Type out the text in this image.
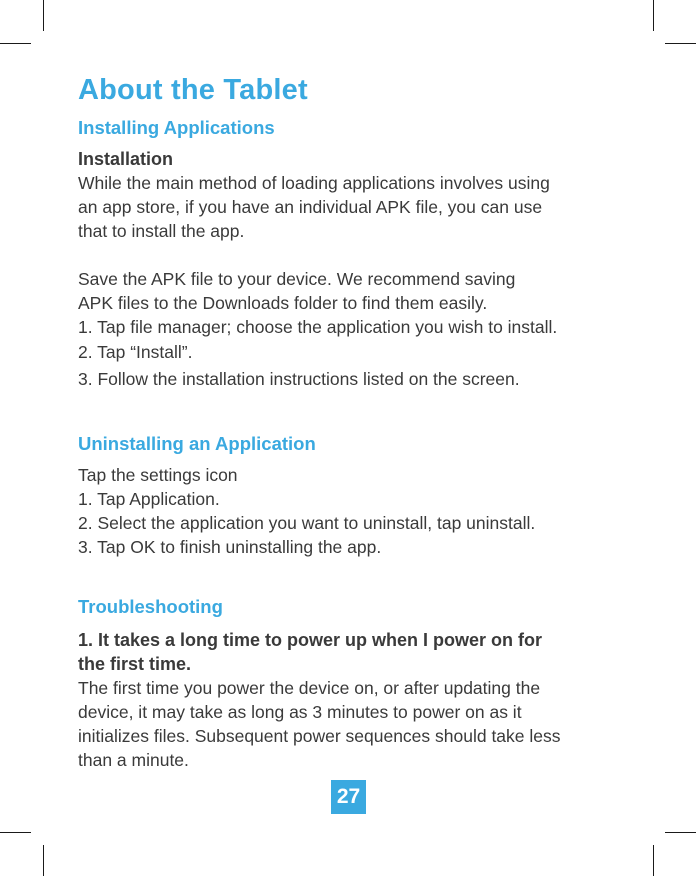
About the Tablet
Installing Applications
Installation

While the main method of loading applications involves using
an app store, if you have an individual APK file, you can use
that to install the app.

Save the APK file to your device. We recommend saving
APK files to the Downloads folder to find them easily.

1. Tap file manager; choose the application you wish to install.
2. Tap “Install”.
3. Follow the installation instructions listed on the screen.
Uninstalling an Application

Tap the settings icon

1. Tap Application.
2. Select the application you want to uninstall, tap uninstall.
3. Tap OK to finish uninstalling the app.
Troubleshooting

1. It takes a long time to power up when I power on for
the first time.

The first time you power the device on, or after updating the
device, it may take as long as 3 minutes to power on as it
initializes files. Subsequent power sequences should take less
than a minute.

27
